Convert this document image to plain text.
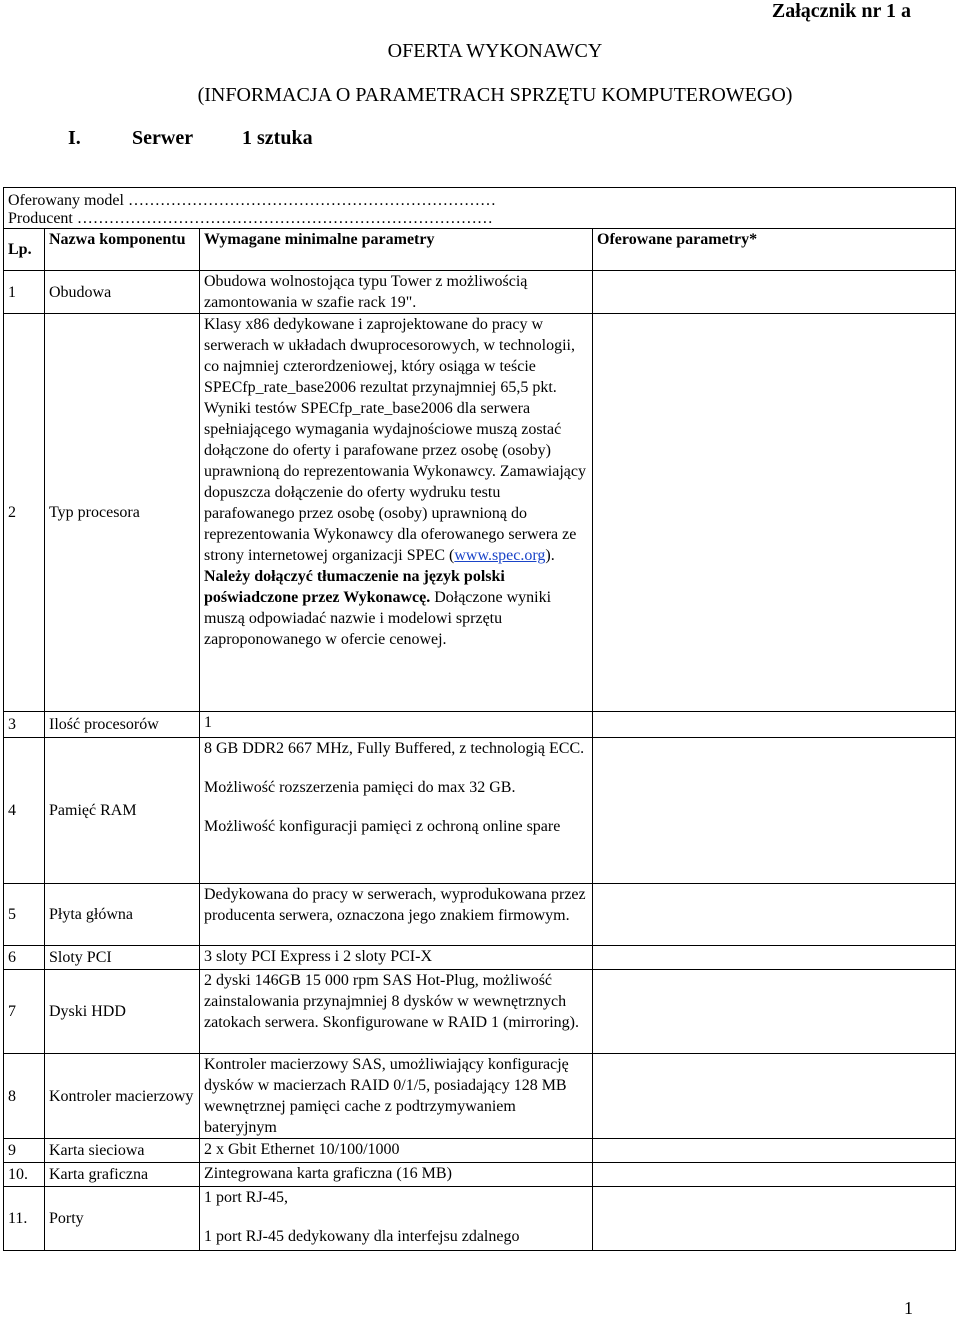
Załącznik nr 1 a
OFERTA WYKONAWCY
(INFORMACJA O PARAMETRACH SPRZĘTU KOMPUTEROWEGO)
I.	Serwer 1 sztuka
Oferowany model ……………………………………………………………			
Producent ……………………………………………………………………			
Lp.	Nazwa komponentu	Wymagane minimalne parametry	Oferowane parametry*
1	Obudowa	Obudowa wolnostojąca typu Tower z możliwością zamontowania w szafie rack 19".	
2	Typ procesora	Klasy x86 dedykowane i zaprojektowane do pracy w serwerach w układach dwuprocesorowych, w technologii, co najmniej czterordzeniowej, który osiąga w teście SPECfp_rate_base2006 rezultat przynajmniej 65,5 pkt. Wyniki testów SPECfp_rate_base2006 dla serwera spełniającego wymagania wydajnościowe muszą zostać dołączone do oferty i parafowane przez osobę (osoby) uprawnioną do reprezentowania Wykonawcy. Zamawiający dopuszcza dołączenie do oferty wydruku testu parafowanego przez osobę (osoby) uprawnioną do reprezentowania Wykonawcy dla oferowanego serwera ze strony internetowej organizacji SPEC (www.spec.org). Należy dołączyć tłumaczenie na język polski poświadczone przez Wykonawcę. Dołączone wyniki muszą odpowiadać nazwie i modelowi sprzętu zaproponowanego w ofercie cenowej.	
3	Ilość procesorów	1	
4	Pamięć RAM	8 GB DDR2 667 MHz, Fully Buffered, z technologią ECC.
Możliwość rozszerzenia pamięci do max 32 GB.
Możliwość konfiguracji pamięci z ochroną online spare	

5	Płyta główna	Dedykowana do pracy w serwerach, wyprodukowana przez producenta serwera, oznaczona jego znakiem firmowym.	
6	Sloty PCI	3 sloty PCI Express i 2 sloty PCI-X	
7	Dyski HDD	2 dyski 146GB 15 000 rpm SAS Hot-Plug, możliwość zainstalowania przynajmniej 8 dysków w wewnętrznych zatokach serwera. Skonfigurowane w RAID 1 (mirroring).	
8	Kontroler macierzowy	Kontroler macierzowy SAS, umożliwiający konfigurację dysków w macierzach RAID 0/1/5, posiadający 128 MB wewnętrznej pamięci cache z podtrzymywaniem bateryjnym	
9	Karta sieciowa	2 x Gbit Ethernet 10/100/1000	
10.	Karta graficzna	Zintegrowana karta graficzna (16 MB)	
11.	Porty	1 port RJ-45,
1 port RJ-45 dedykowany dla interfejsu zdalnego	

1
